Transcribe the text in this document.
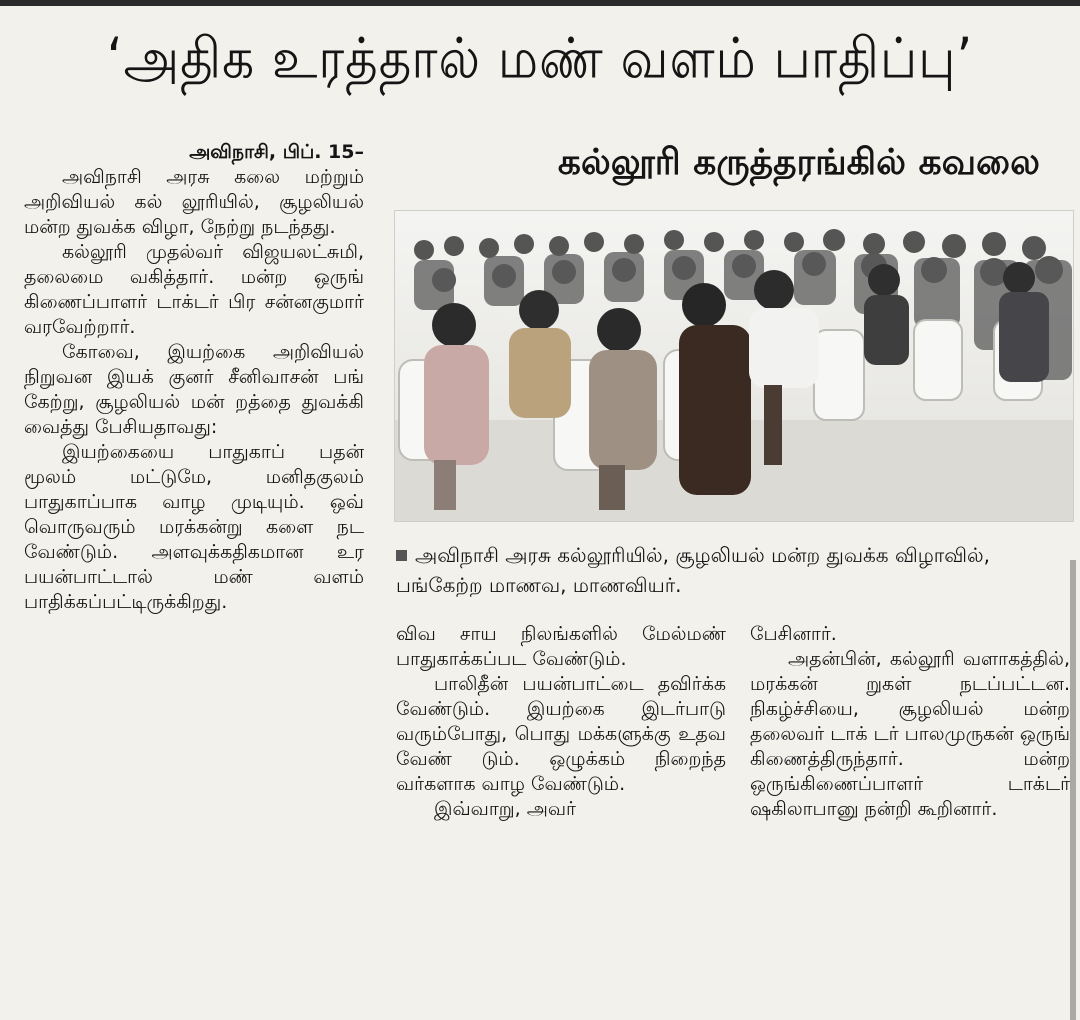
‘அதிக உரத்தால் மண் வளம் பாதிப்பு’

அவிநாசி, பிப். 15–

அவிநாசி அரசு கலை மற்றும் அறிவியல் கல் லூரியில், சூழலியல் மன்ற துவக்க விழா, நேற்று நடந்தது.

கல்லூரி முதல்வர் விஜயலட்சுமி, தலைமை வகித்தார். மன்ற ஒருங் கிணைப்பாளர் டாக்டர் பிர சன்னகுமார் வரவேற்றார்.

கோவை, இயற்கை அறிவியல் நிறுவன இயக் குனர் சீனிவாசன் பங் கேற்று, சூழலியல் மன் றத்தை துவக்கி வைத்து பேசியதாவது:

இயற்கையை பாதுகாப் பதன் மூலம் மட்டுமே, மனிதகுலம் பாதுகாப்பாக வாழ முடியும். ஒவ் வொருவரும் மரக்கன்று களை நட வேண்டும். அளவுக்கதிகமான உர பயன்பாட்டால் மண் வளம் பாதிக்கப்பட்டிருக்கிறது.

கல்லூரி கருத்தரங்கில் கவலை
அவிநாசி அரசு கல்லூரியில், சூழலியல் மன்ற துவக்க விழாவில், பங்கேற்ற மாணவ, மாணவியர்.

விவ சாய நிலங்களில் மேல்மண் பாதுகாக்கப்பட வேண்டும்.

பாலிதீன் பயன்பாட்டை தவிர்க்க வேண்டும். இயற்கை இடர்பாடு வரும்போது, பொது மக்களுக்கு உதவ வேண் டும். ஒழுக்கம் நிறைந்த வர்களாக வாழ வேண்டும்.

இவ்வாறு, அவர்

பேசினார்.

அதன்பின், கல்லூரி வளாகத்தில், மரக்கன் றுகள் நடப்பட்டன. நிகழ்ச்சியை, சூழலியல் மன்ற தலைவர் டாக் டர் பாலமுருகன் ஒருங் கிணைத்திருந்தார். மன்ற ஒருங்கிணைப்பாளர் டாக்டர் ஷகிலாபானு நன்றி கூறினார்.
